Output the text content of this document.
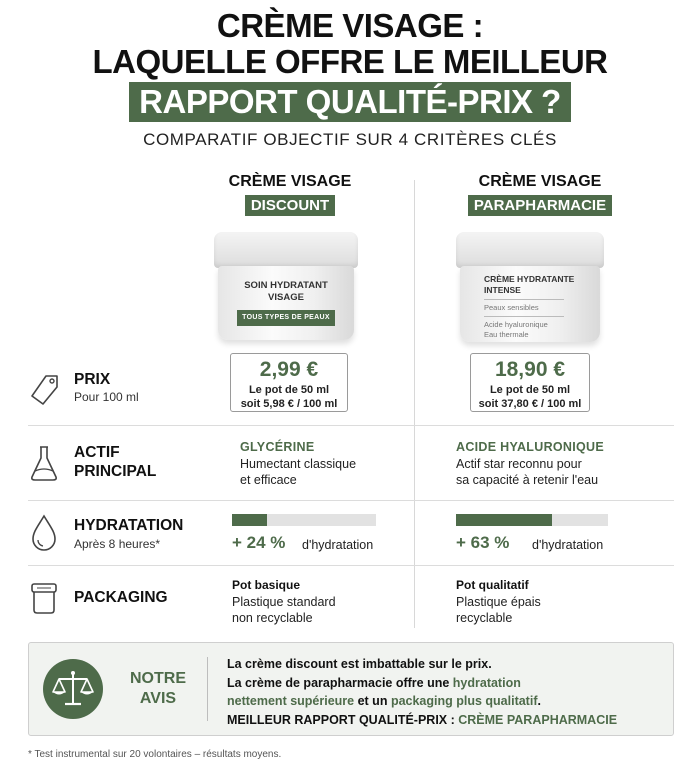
CRÈME VISAGE :
LAQUELLE OFFRE LE MEILLEUR
RAPPORT QUALITÉ-PRIX ?
COMPARATIF OBJECTIF SUR 4 CRITÈRES CLÉS
CRÈME VISAGE
DISCOUNT
CRÈME VISAGE
PARAPHARMACIE
SOIN HYDRATANT
VISAGE
TOUS TYPES DE PEAUX
CRÈME HYDRATANTE
INTENSE
Peaux sensibles
Acide hyaluronique
Eau thermale
PRIX
Pour 100 ml
2,99 €
Le pot de 50 ml
soit 5,98 € / 100 ml
18,90 €
Le pot de 50 ml
soit 37,80 € / 100 ml
ACTIF
PRINCIPAL
GLYCÉRINE
Humectant classique
et efficace
ACIDE HYALURONIQUE
Actif star reconnu pour
sa capacité à retenir l'eau
HYDRATATION
Après 8 heures*	+ 24 % d'hydratation	+ 63 % d'hydratation
PACKAGING
Pot basique
Plastique standard
non recyclable
Pot qualitatif
Plastique épais
recyclable
NOTRE
AVIS
La crème discount est imbattable sur le prix.
La crème de parapharmacie offre une hydratation
nettement supérieure et un packaging plus qualitatif.
MEILLEUR RAPPORT QUALITÉ-PRIX : CRÈME PARAPHARMACIE
* Test instrumental sur 20 volontaires – résultats moyens.
